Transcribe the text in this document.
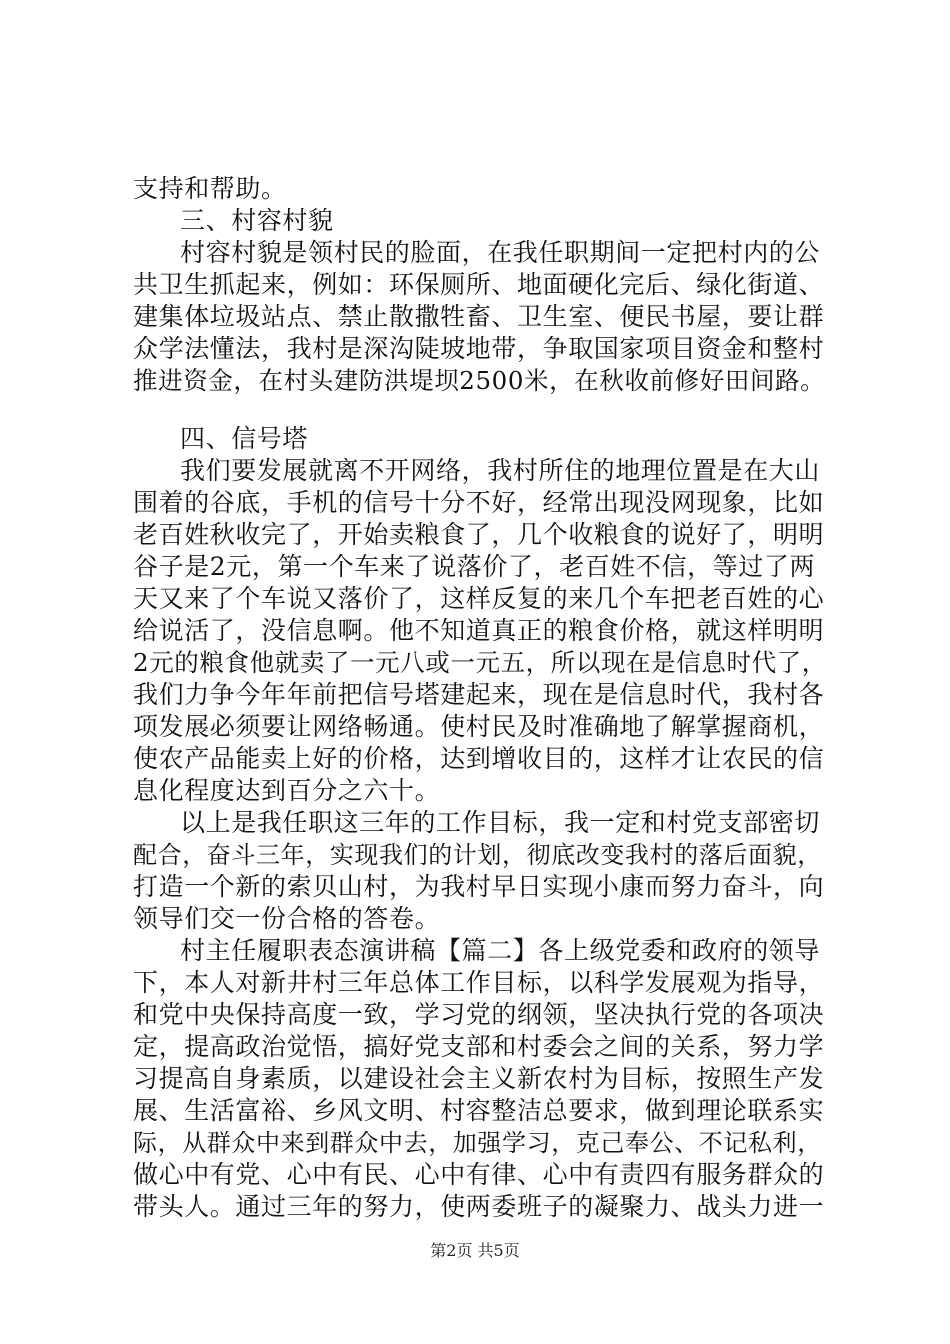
支持和帮助。
三、村容村貌
村容村貌是领村民的脸面，在我任职期间一定把村内的公
共卫生抓起来，例如：环保厕所、地面硬化完后、绿化街道、
建集体垃圾站点、禁止散撒牲畜、卫生室、便民书屋，要让群
众学法懂法，我村是深沟陡坡地带，争取国家项目资金和整村
推进资金，在村头建防洪堤坝2500米，在秋收前修好田间路。
四、信号塔
我们要发展就离不开网络，我村所住的地理位置是在大山
围着的谷底，手机的信号十分不好，经常出现没网现象，比如
老百姓秋收完了，开始卖粮食了，几个收粮食的说好了，明明
谷子是2元，第一个车来了说落价了，老百姓不信，等过了两
天又来了个车说又落价了，这样反复的来几个车把老百姓的心
给说活了，没信息啊。他不知道真正的粮食价格，就这样明明
2元的粮食他就卖了一元八或一元五，所以现在是信息时代了，
我们力争今年年前把信号塔建起来，现在是信息时代，我村各
项发展必须要让网络畅通。使村民及时准确地了解掌握商机，
使农产品能卖上好的价格，达到增收目的，这样才让农民的信
息化程度达到百分之六十。
以上是我任职这三年的工作目标，我一定和村党支部密切
配合，奋斗三年，实现我们的计划，彻底改变我村的落后面貌，
打造一个新的索贝山村，为我村早日实现小康而努力奋斗，向
领导们交一份合格的答卷。
村主任履职表态演讲稿【篇二】各上级党委和政府的领导
下，本人对新井村三年总体工作目标，以科学发展观为指导，
和党中央保持高度一致，学习党的纲领，坚决执行党的各项决
定，提高政治觉悟，搞好党支部和村委会之间的关系，努力学
习提高自身素质，以建设社会主义新农村为目标，按照生产发
展、生活富裕、乡风文明、村容整洁总要求，做到理论联系实
际，从群众中来到群众中去，加强学习，克己奉公、不记私利，
做心中有党、心中有民、心中有律、心中有责四有服务群众的
带头人。通过三年的努力，使两委班子的凝聚力、战头力进一
第2页 共5页
